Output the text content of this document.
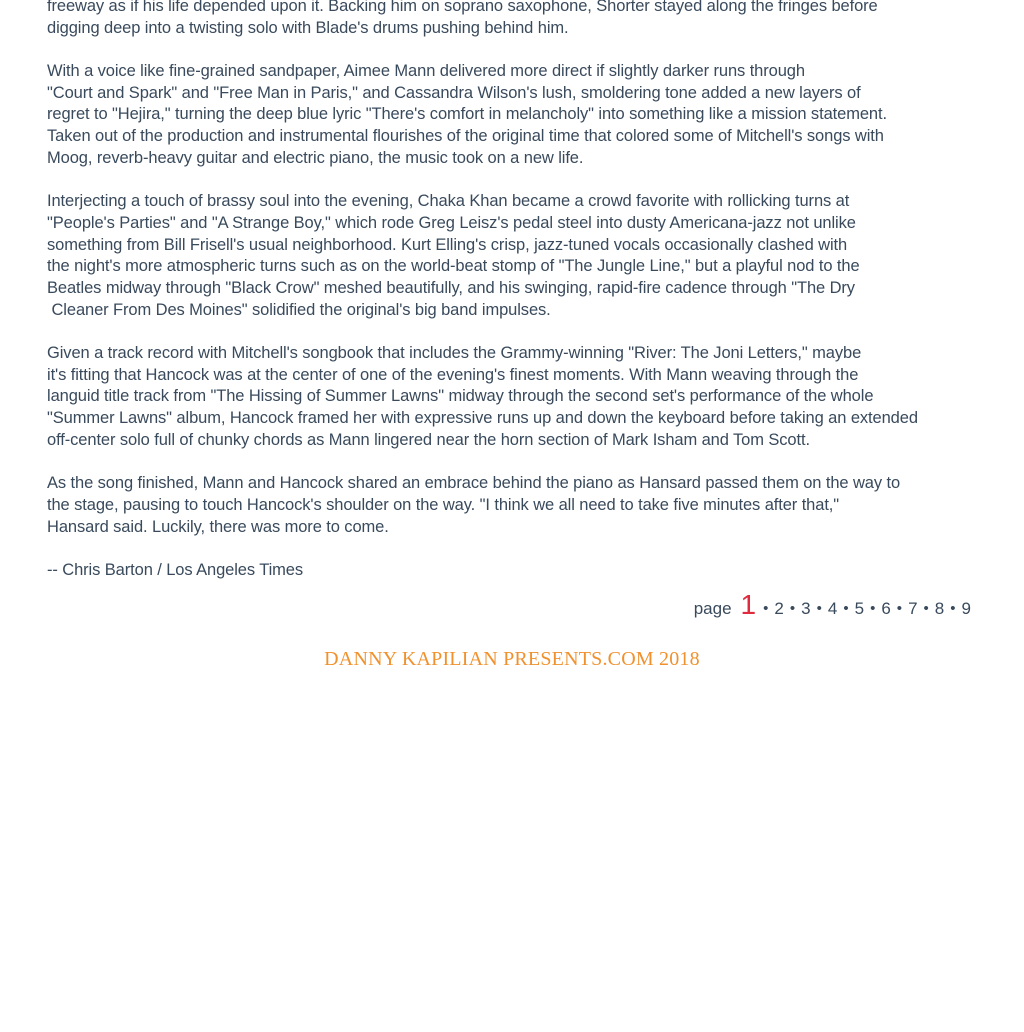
freeway as if his life depended upon it. Backing him on soprano saxophone, Shorter stayed along the fringes before
digging deep into a twisting solo with Blade's drums pushing behind him.
With a voice like fine-grained sandpaper, Aimee Mann delivered more direct if slightly darker runs through
"Court and Spark" and "Free Man in Paris," and Cassandra Wilson's lush, smoldering tone added a new layers of
regret to "Hejira," turning the deep blue lyric "There's comfort in melancholy" into something like a mission statement.
Taken out of the production and instrumental flourishes of the original time that colored some of Mitchell's songs with
Moog, reverb-heavy guitar and electric piano, the music took on a new life.
Interjecting a touch of brassy soul into the evening, Chaka Khan became a crowd favorite with rollicking turns at
"People's Parties" and "A Strange Boy," which rode Greg Leisz's pedal steel into dusty Americana-jazz not unlike
something from Bill Frisell's usual neighborhood. Kurt Elling's crisp, jazz-tuned vocals occasionally clashed with
the night's more atmospheric turns such as on the world-beat stomp of "The Jungle Line," but a playful nod to the
Beatles midway through "Black Crow" meshed beautifully, and his swinging, rapid-fire cadence through "The Dry
Cleaner From Des Moines" solidified the original's big band impulses.
Given a track record with Mitchell's songbook that includes the Grammy-winning "River: The Joni Letters," maybe
it's fitting that Hancock was at the center of one of the evening's finest moments. With Mann weaving through the
languid title track from "The Hissing of Summer Lawns" midway through the second set's performance of the whole
"Summer Lawns" album, Hancock framed her with expressive runs up and down the keyboard before taking an extended
off-center solo full of chunky chords as Mann lingered near the horn section of Mark Isham and Tom Scott.
As the song finished, Mann and Hancock shared an embrace behind the piano as Hansard passed them on the way to
the stage, pausing to touch Hancock's shoulder on the way. "I think we all need to take five minutes after that,"
Hansard said. Luckily, there was more to come.
-- Chris Barton / Los Angeles Times
page 1 • 2 • 3 • 4 • 5 • 6 • 7 • 8 • 9
DANNY KAPILIAN PRESENTS.COM 2018
